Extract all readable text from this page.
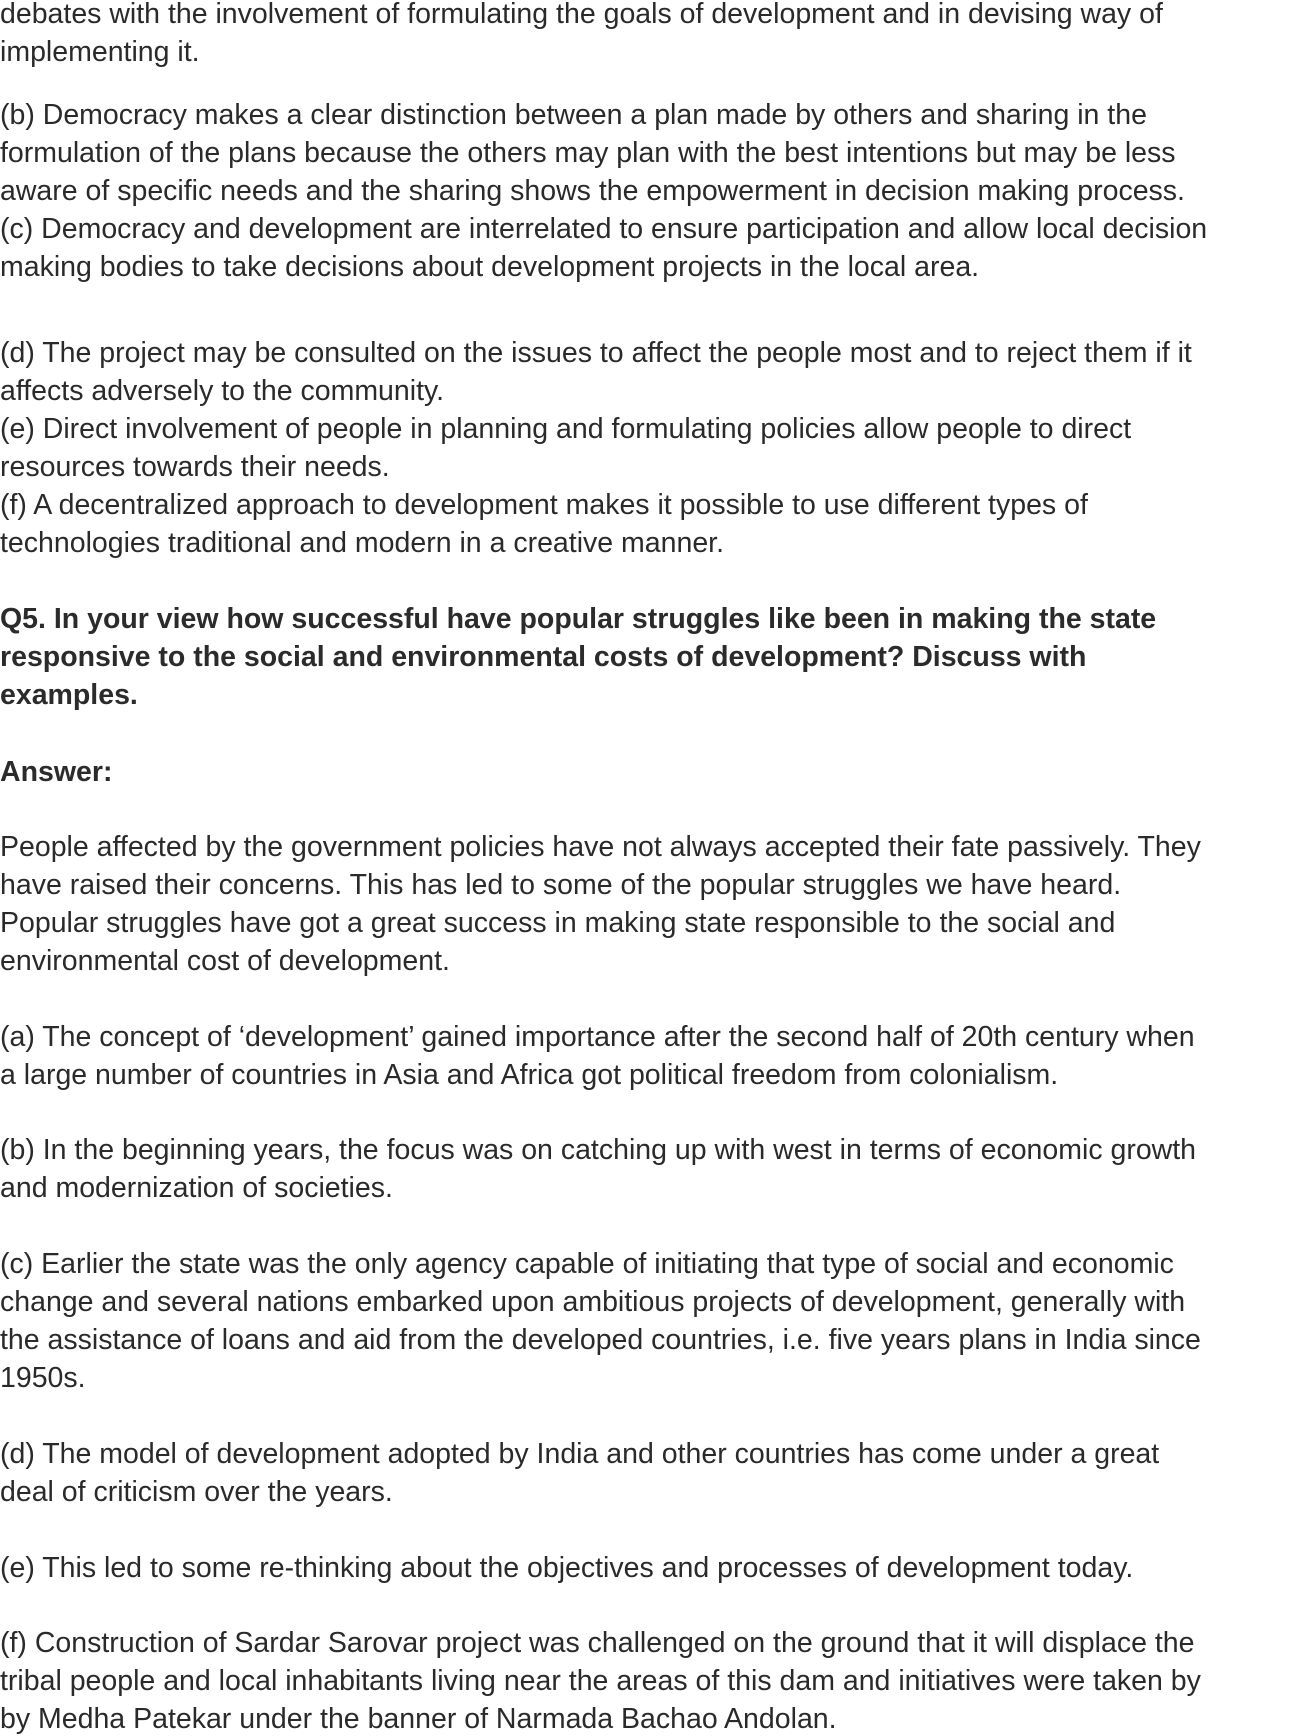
debates with the involvement of formulating the goals of development and in devising way of
implementing it.

(b) Democracy makes a clear distinction between a plan made by others and sharing in the
formulation of the plans because the others may plan with the best intentions but may be less
aware of specific needs and the sharing shows the empowerment in decision making process.
(c) Democracy and development are interrelated to ensure participation and allow local decision
making bodies to take decisions about development projects in the local area.

(d) The project may be consulted on the issues to affect the people most and to reject them if it
affects adversely to the community.
(e) Direct involvement of people in planning and formulating policies allow people to direct
resources towards their needs.
(f) A decentralized approach to development makes it possible to use different types of
technologies traditional and modern in a creative manner.

Q5. In your view how successful have popular struggles like been in making the state
responsive to the social and environmental costs of development? Discuss with
examples.

Answer:

People affected by the government policies have not always accepted their fate passively. They
have raised their concerns. This has led to some of the popular struggles we have heard.
Popular struggles have got a great success in making state responsible to the social and
environmental cost of development.

(a) The concept of ‘development’ gained importance after the second half of 20th century when
a large number of countries in Asia and Africa got political freedom from colonialism.

(b) In the beginning years, the focus was on catching up with west in terms of economic growth
and modernization of societies.

(c) Earlier the state was the only agency capable of initiating that type of social and economic
change and several nations embarked upon ambitious projects of development, generally with
the assistance of loans and aid from the developed countries, i.e. five years plans in India since
1950s.

(d) The model of development adopted by India and other countries has come under a great
deal of criticism over the years.

(e) This led to some re-thinking about the objectives and processes of development today.

(f) Construction of Sardar Sarovar project was challenged on the ground that it will displace the
tribal people and local inhabitants living near the areas of this dam and initiatives were taken by
by Medha Patekar under the banner of Narmada Bachao Andolan.
